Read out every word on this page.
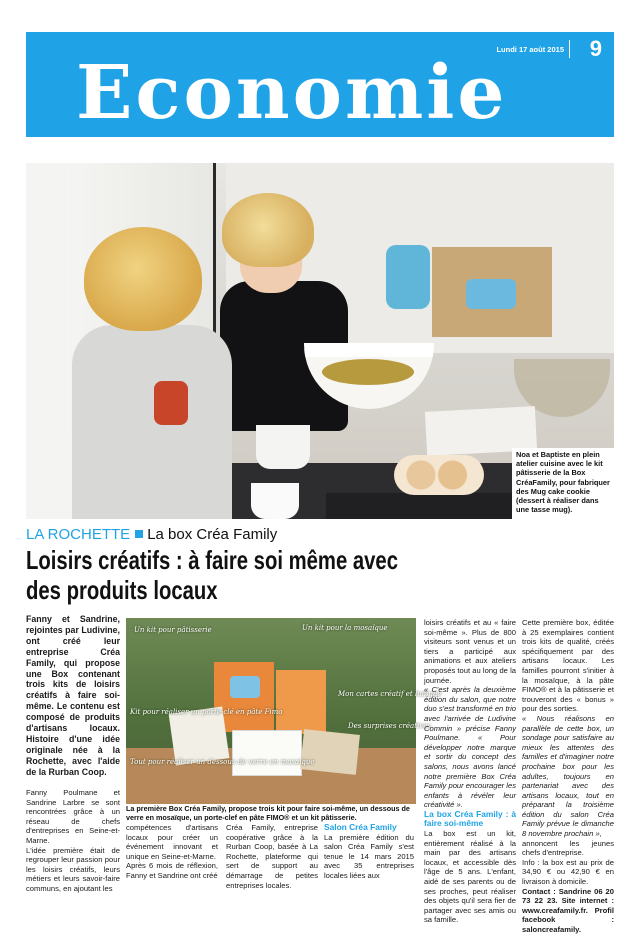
Economie
Lundi 17 août 2015 9
Noa et Baptiste en plein atelier cuisine avec le kit pâtisserie de la Box CréaFamily, pour fabriquer des Mug cake cookie (dessert à réaliser dans une tasse mug).
LA ROCHETTE La box Créa Family
Loisirs créatifs : à faire soi même avec
des produits locaux
Fanny et Sandrine, rejointes par Ludivine, ont créé leur entreprise Créa Family, qui propose une Box contenant trois kits de loisirs créatifs à faire soi-même. Le contenu est composé de produits d'artisans locaux. Histoire d'une idée originale née à la Rochette, avec l'aide de la Rurban Coop.

Fanny Poulmane et Sandrine Larbre se sont rencontrées grâce à un réseau de chefs d'entreprises en Seine-et-Marne.

L'idée première était de regrouper leur passion pour les loisirs créatifs, leurs métiers et leurs savoir-faire communs, en ajoutant les

Un kit pour pâtisserie	Un kit pour la mosaïque
Kit pour réaliser un porte-clé en pâte Fimo
Mon cartes créatif et ludique
Des surprises créatives
Tout pour réaliser un dessous de verre en mosaïque
La première Box Créa Family, propose trois kit pour faire soi-même, un dessous de verre en mosaïque, un porte-clef en pâte FIMO® et un kit pâtisserie.

compétences d'artisans locaux pour créer un événement innovant et unique en Seine-et-Marne.

Après 6 mois de réflexion, Fanny et Sandrine ont créé

Créa Family, entreprise coopérative grâce à la Rurban Coop, basée à La Rochette, plateforme qui sert de support au démarrage de petites entreprises locales.

Salon Créa Family

La première édition du salon Créa Family s'est tenue le 14 mars 2015 avec 35 entreprises locales liées aux

loisirs créatifs et au « faire soi-même ». Plus de 800 visiteurs sont venus et un tiers a participé aux animations et aux ateliers proposés tout au long de la journée.

« C'est après la deuxième édition du salon, que notre duo s'est transformé en trio avec l'arrivée de Ludivine Commin » précise Fanny Poulmane. « Pour développer notre marque et sortir du concept des salons, nous avons lancé notre première Box Créa Family pour encourager les enfants à révéler leur créativité ».

La box Créa Family : à faire soi-même

La box est un kit, entièrement réalisé à la main par des artisans locaux, et accessible dès l'âge de 5 ans. L'enfant, aidé de ses parents ou de ses proches, peut réaliser des objets qu'il sera fier de partager avec ses amis ou sa famille.

Cette première box, éditée à 25 exemplaires contient trois kits de qualité, créés spécifiquement par des artisans locaux. Les familles pourront s'initier à la mosaïque, à la pâte FIMO® et à la pâtisserie et trouveront des « bonus » pour des sorties.

« Nous réalisons en parallèle de cette box, un sondage pour satisfaire au mieux les attentes des familles et d'imaginer notre prochaine box pour les adultes, toujours en partenariat avec des artisans locaux, tout en préparant la troisième édition du salon Créa Family prévue le dimanche 8 novembre prochain »,

annoncent les jeunes chefs d'entreprise.

Info : la box est au prix de 34,90 € ou 42,90 € en livraison à domicile.

Contact : Sandrine 06 20 73 22 23. Site internet : www.creafamily.fr. Profil facebook : saloncreafamily.
